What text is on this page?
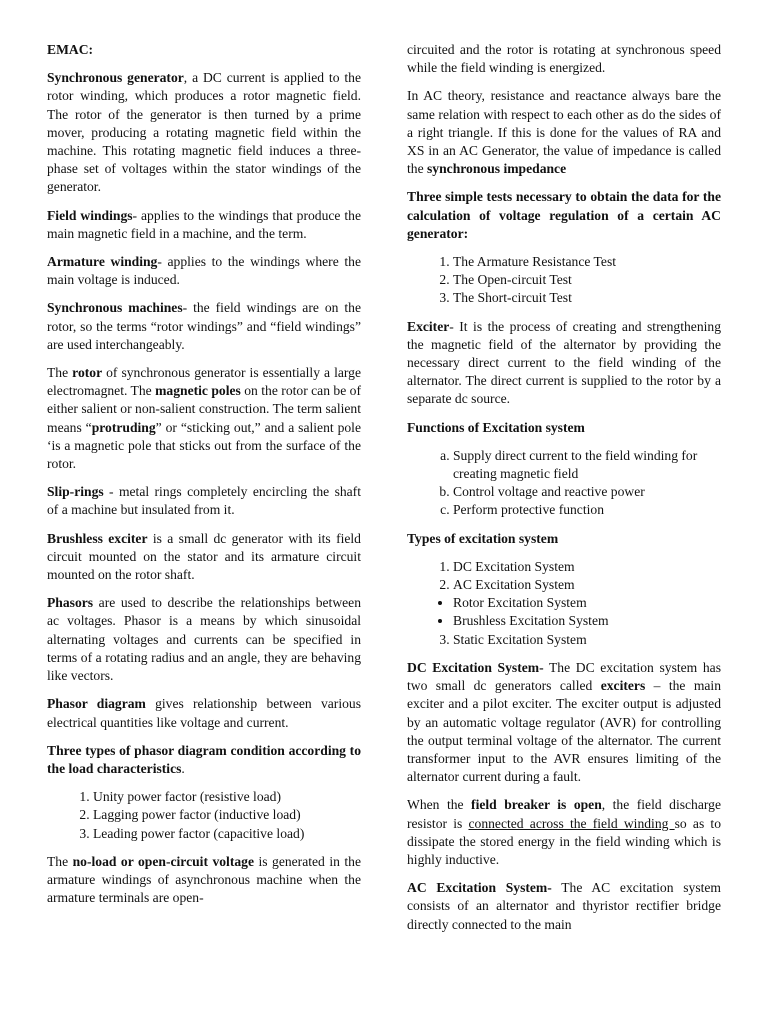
EMAC:

Synchronous generator, a DC current is applied to the rotor winding, which produces a rotor magnetic field. The rotor of the generator is then turned by a prime mover, producing a rotating magnetic field within the machine. This rotating magnetic field induces a three-phase set of voltages within the stator windings of the generator.

Field windings- applies to the windings that produce the main magnetic field in a machine, and the term.

Armature winding- applies to the windings where the main voltage is induced.

Synchronous machines- the field windings are on the rotor, so the terms “rotor windings” and “field windings” are used interchangeably.

The rotor of synchronous generator is essentially a large electromagnet. The magnetic poles on the rotor can be of either salient or non-salient construction. The term salient means “protruding” or “sticking out,” and a salient pole ‘is a magnetic pole that sticks out from the surface of the rotor.

Slip-rings - metal rings completely encircling the shaft of a machine but insulated from it.

Brushless exciter is a small dc generator with its field circuit mounted on the stator and its armature circuit mounted on the rotor shaft.

Phasors are used to describe the relationships between ac voltages. Phasor is a means by which sinusoidal alternating voltages and currents can be specified in terms of a rotating radius and an angle, they are behaving like vectors.

Phasor diagram gives relationship between various electrical quantities like voltage and current.

Three types of phasor diagram condition according to the load characteristics.

1. Unity power factor (resistive load)
2. Lagging power factor (inductive load)
3. Leading power factor (capacitive load)

The no-load or open-circuit voltage is generated in the armature windings of asynchronous machine when the armature terminals are open-

circuited and the rotor is rotating at synchronous speed while the field winding is energized.

In AC theory, resistance and reactance always bare the same relation with respect to each other as do the sides of a right triangle. If this is done for the values of RA and XS in an AC Generator, the value of impedance is called the synchronous impedance

Three simple tests necessary to obtain the data for the calculation of voltage regulation of a certain AC generator:

1. The Armature Resistance Test
2. The Open-circuit Test
3. The Short-circuit Test

Exciter- It is the process of creating and strengthening the magnetic field of the alternator by providing the necessary direct current to the field winding of the alternator. The direct current is supplied to the rotor by a separate dc source.

Functions of Excitation system

a. Supply direct current to the field winding for creating magnetic field
b. Control voltage and reactive power
c. Perform protective function

Types of excitation system

1. DC Excitation System
2. AC Excitation System
• Rotor Excitation System
• Brushless Excitation System
3. Static Excitation System

DC Excitation System- The DC excitation system has two small dc generators called exciters – the main exciter and a pilot exciter. The exciter output is adjusted by an automatic voltage regulator (AVR) for controlling the output terminal voltage of the alternator. The current transformer input to the AVR ensures limiting of the alternator current during a fault.

When the field breaker is open, the field discharge resistor is connected across the field winding so as to dissipate the stored energy in the field winding which is highly inductive.

AC Excitation System- The AC excitation system consists of an alternator and thyristor rectifier bridge directly connected to the main
